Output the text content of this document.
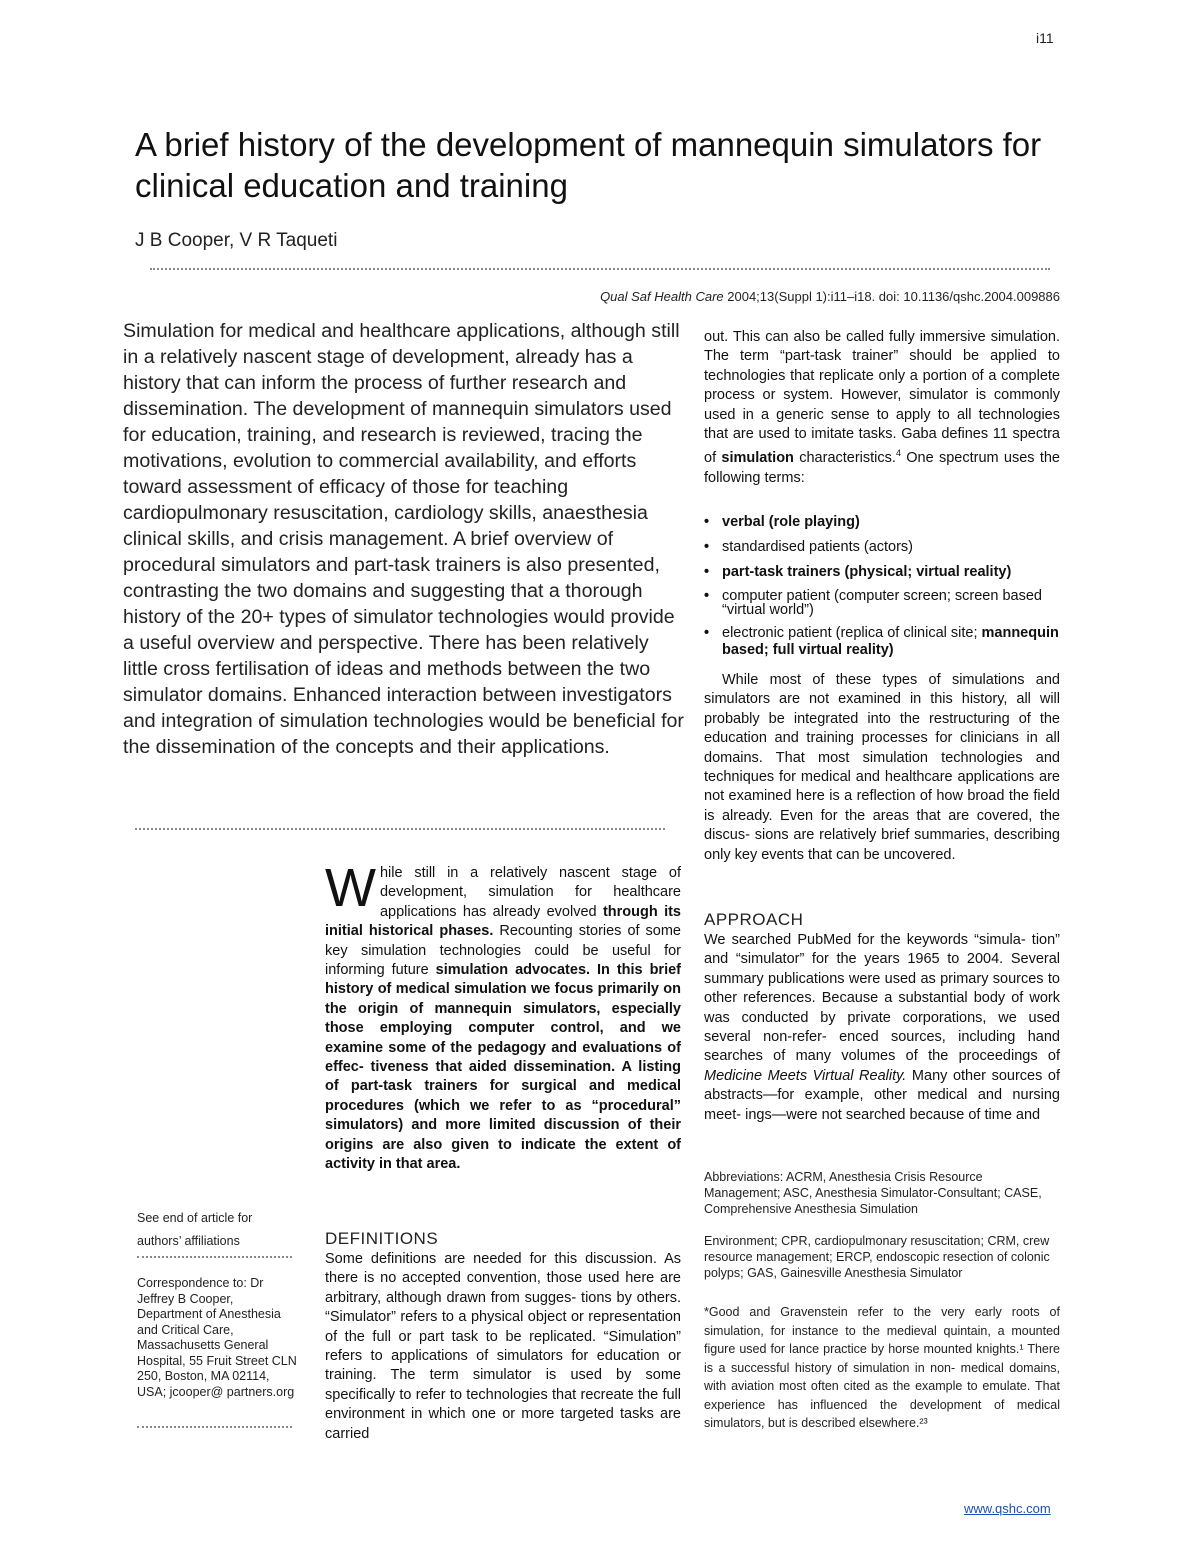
i11
A brief history of the development of mannequin simulators for clinical education and training
J B Cooper, V R Taqueti
Qual Saf Health Care 2004;13(Suppl 1):i11–i18. doi: 10.1136/qshc.2004.009886

Simulation for medical and healthcare applications, although still in a relatively nascent stage of development, already has a history that can inform the process of further research and dissemination. The development of mannequin simulators used for education, training, and research is reviewed, tracing the motivations, evolution to commercial availability, and efforts toward assessment of efficacy of those for teaching cardiopulmonary resuscitation, cardiology skills, anaesthesia clinical skills, and crisis management. A brief overview of procedural simulators and part-task trainers is also presented, contrasting the two domains and suggesting that a thorough history of the 20+ types of simulator technologies would provide a useful overview and perspective. There has been relatively little cross fertilisation of ideas and methods between the two simulator domains. Enhanced interaction between investigators and integration of simulation technologies would be beneficial for the dissemination of the concepts and their applications.

W hile still in a relatively nascent stage of development, simulation for healthcare applications has already evolved through its initial historical phases. Recounting stories of some key simulation technologies could be useful for informing future simulation advocates. In this brief history of medical simulation we focus primarily on the origin of mannequin simulators, especially those employing computer control, and we examine some of the pedagogy and evaluations of effec- tiveness that aided dissemination. A listing of part-task trainers for surgical and medical procedures (which we refer to as “procedural” simulators) and more limited discussion of their origins are also given to indicate the extent of activity in that area.
See end of article for authors’ affiliations
Correspondence to: Dr Jeffrey B Cooper, Department of Anesthesia and Critical Care, Massachusetts General Hospital, 55 Fruit Street CLN 250, Boston, MA 02114, USA; jcooper@ partners.org
DEFINITIONS

Some definitions are needed for this discussion. As there is no accepted convention, those used here are arbitrary, although drawn from sugges- tions by others. “Simulator” refers to a physical object or representation of the full or part task to be replicated. “Simulation” refers to applications of simulators for education or training. The term simulator is used by some specifically to refer to technologies that recreate the full environment in which one or more targeted tasks are carried

out. This can also be called fully immersive simulation. The term “part-task trainer” should be applied to technologies that replicate only a portion of a complete process or system. However, simulator is commonly used in a generic sense to apply to all technologies that are used to imitate tasks. Gaba defines 11 spectra of simulation characteristics.$^4$ One spectrum uses the following terms:

• verbal (role playing)
• standardised patients (actors)
• part-task trainers (physical; virtual reality)
• computer patient (computer screen; screen based “virtual world”)
• electronic patient (replica of clinical site; mannequin based; full virtual reality)

While most of these types of simulations and simulators are not examined in this history, all will probably be integrated into the restructuring of the education and training processes for clinicians in all domains. That most simulation technologies and techniques for medical and healthcare applications are not examined here is a reflection of how broad the field is already. Even for the areas that are covered, the discus- sions are relatively brief summaries, describing only key events that can be uncovered.

APPROACH

We searched PubMed for the keywords “simula- tion” and “simulator” for the years 1965 to 2004. Several summary publications were used as primary sources to other references. Because a substantial body of work was conducted by private corporations, we used several non-refer- enced sources, including hand searches of many volumes of the proceedings of Medicine Meets Virtual Reality. Many other sources of abstracts—for example, other medical and nursing meet- ings—were not searched because of time and

Abbreviations: ACRM, Anesthesia Crisis Resource Management; ASC, Anesthesia Simulator-Consultant; CASE, Comprehensive Anesthesia Simulation
Environment; CPR, cardiopulmonary resuscitation; CRM, crew resource management; ERCP, endoscopic resection of colonic polyps; GAS, Gainesville Anesthesia Simulator
*Good and Gravenstein refer to the very early roots of simulation, for instance to the medieval quintain, a mounted figure used for lance practice by horse mounted knights.¹ There is a successful history of simulation in non- medical domains, with aviation most often cited as the example to emulate. That experience has influenced the development of medical simulators, but is described elsewhere.²³
www.qshc.com
